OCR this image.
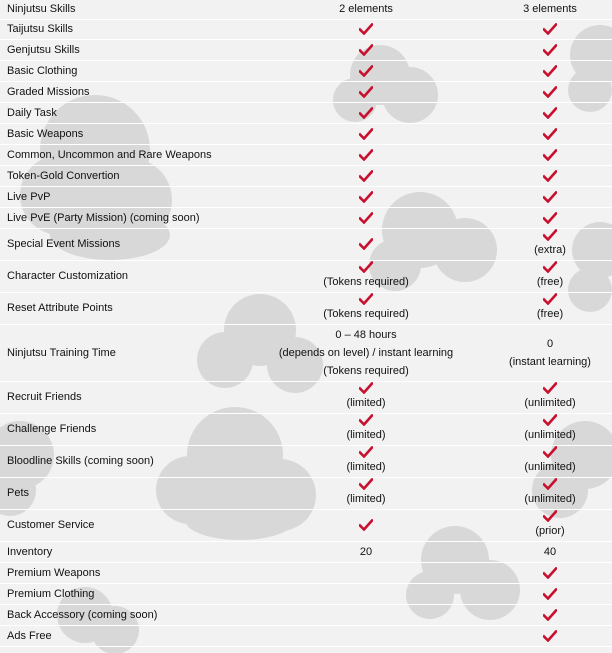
Ninjutsu Skills	2 elements	3 elements
Taijutsu Skills	

Genjutsu Skills	

Basic Clothing	

Graded Missions	

Daily Task	

Basic Weapons	

Common, Uncommon and Rare Weapons	

Token-Gold Convertion	

Live PvP	

Live PvE (Party Mission) (coming soon)	

Special Event Missions		(extra)

Character Customization	(Tokens required)	(free)

Reset Attribute Points	(Tokens required)	(free)

Ninjutsu Training Time	0 – 48 hours
(depends on level) / instant learning
(Tokens required)	0
(instant learning)

Recruit Friends	(limited)	(unlimited)

Challenge Friends	(limited)	(unlimited)

Bloodline Skills (coming soon)	(limited)	(unlimited)

Pets	(limited)	(unlimited)

Customer Service		(prior)

Inventory	20	40

Premium Weapons		

Premium Clothing		

Back Accessory (coming soon)		

Ads Free		
